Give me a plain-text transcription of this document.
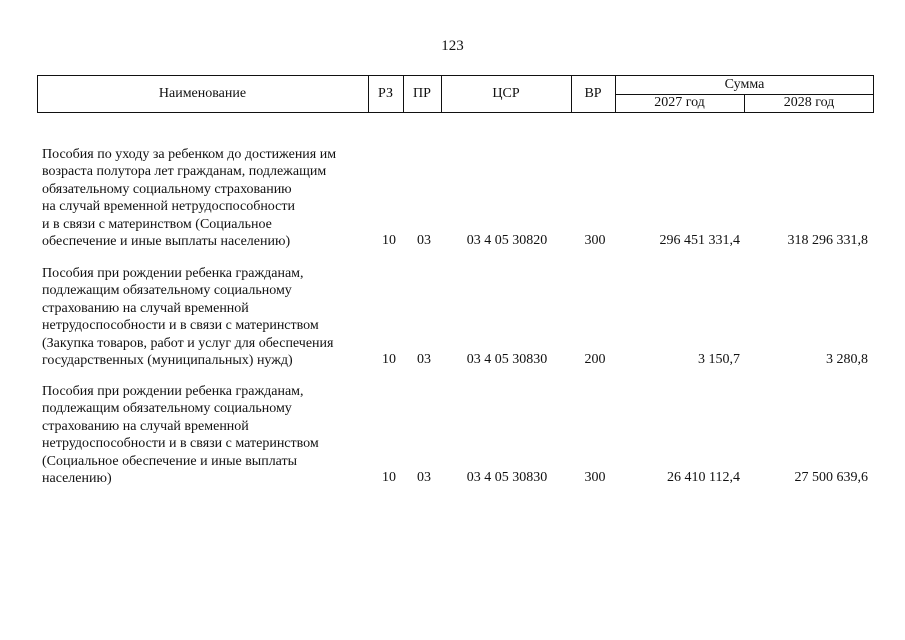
123
Наименование	РЗ	ПР	ЦСР	ВР
Сумма
2027 год	2028 год
Пособия по уходу за ребенком до достижения им
возраста полутора лет гражданам, подлежащим
обязательному социальному страхованию
на случай временной нетрудоспособности
и в связи с материнством (Социальное
обеспечение и иные выплаты населению)	10 03	03 4 05 30820	300	296 451 331,4	318 296 331,8
Пособия при рождении ребенка гражданам,
подлежащим обязательному социальному
страхованию на случай временной
нетрудоспособности и в связи с материнством
(Закупка товаров, работ и услуг для обеспечения
государственных (муниципальных) нужд)	10 03	03 4 05 30830	200	3 150,7	3 280,8
Пособия при рождении ребенка гражданам,
подлежащим обязательному социальному
страхованию на случай временной
нетрудоспособности и в связи с материнством
(Социальное обеспечение и иные выплаты
населению)	10 03	03 4 05 30830	300	26 410 112,4	27 500 639,6
